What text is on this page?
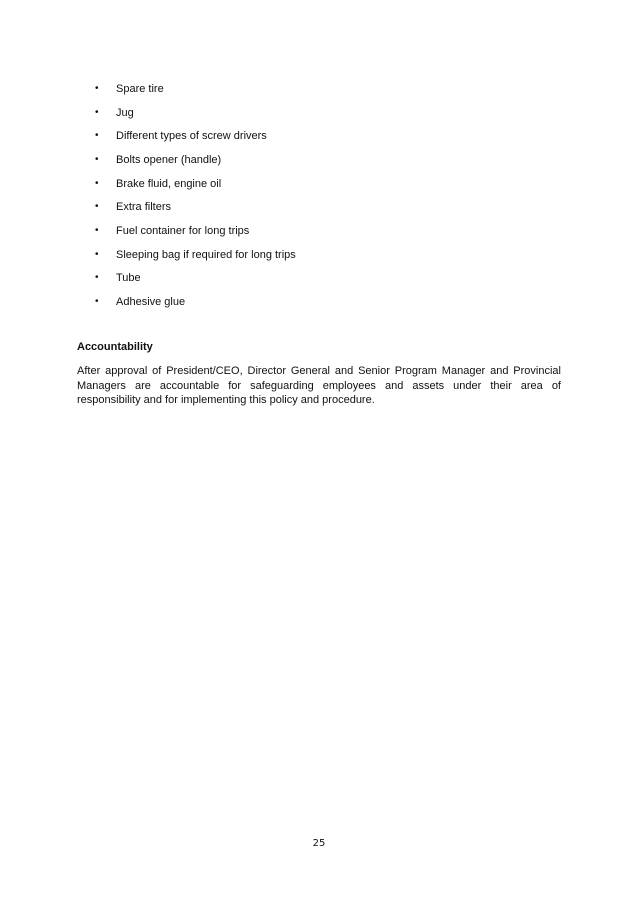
•	Spare tire
•	Jug
•	Different types of screw drivers
•	Bolts opener (handle)
•	Brake fluid, engine oil
•	Extra filters
•	Fuel container for long trips
•	Sleeping bag if required for long trips
•	Tube
•	Adhesive glue
Accountability

After approval of President/CEO, Director General and Senior Program Manager and Provincial Managers are accountable for safeguarding employees and assets under their area of responsibility and for implementing this policy and procedure.

25
